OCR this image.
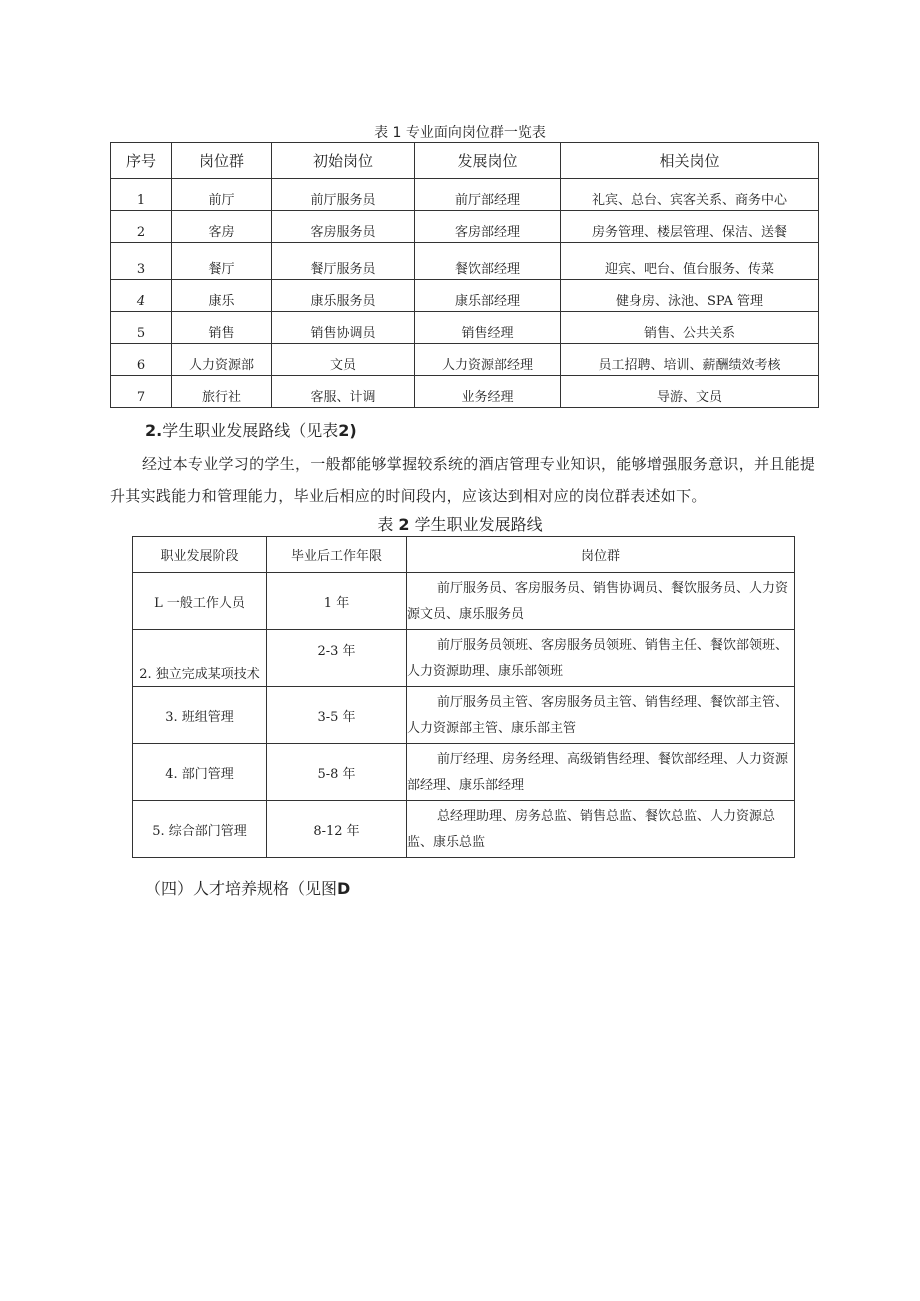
表 1 专业面向岗位群一览表
序号	岗位群	初始岗位	发展岗位	相关岗位
1	前厅	前厅服务员	前厅部经理	礼宾、总台、宾客关系、商务中心
2	客房	客房服务员	客房部经理	房务管理、楼层管理、保洁、送餐
3	餐厅	餐厅服务员	餐饮部经理	迎宾、吧台、值台服务、传菜
4	康乐	康乐服务员	康乐部经理	健身房、泳池、SPA 管理
5	销售	销售协调员	销售经理	销售、公共关系
6	人力资源部	文员	人力资源部经理	员工招聘、培训、薪酬绩效考核
7	旅行社	客服、计调	业务经理	导游、文员
2.学生职业发展路线（见表2)
经过本专业学习的学生，一般都能够掌握较系统的酒店管理专业知识，能够增强服务意识，并且能提升其实践能力和管理能力，毕业后相应的时间段内，应该达到相对应的岗位群表述如下。
表 2 学生职业发展路线
职业发展阶段	毕业后工作年限	岗位群
L 一般工作人员	1 年	前厅服务员、客房服务员、销售协调员、餐饮服务员、人力资源文员、康乐服务员
2. 独立完成某项技术	2-3 年	前厅服务员领班、客房服务员领班、销售主任、餐饮部领班、人力资源助理、康乐部领班
3. 班组管理	3-5 年	前厅服务员主管、客房服务员主管、销售经理、餐饮部主管、人力资源部主管、康乐部主管
4. 部门管理	5-8 年	前厅经理、房务经理、高级销售经理、餐饮部经理、人力资源部经理、康乐部经理
5. 综合部门管理	8-12 年	总经理助理、房务总监、销售总监、餐饮总监、人力资源总监、康乐总监
（四）人才培养规格（见图D
